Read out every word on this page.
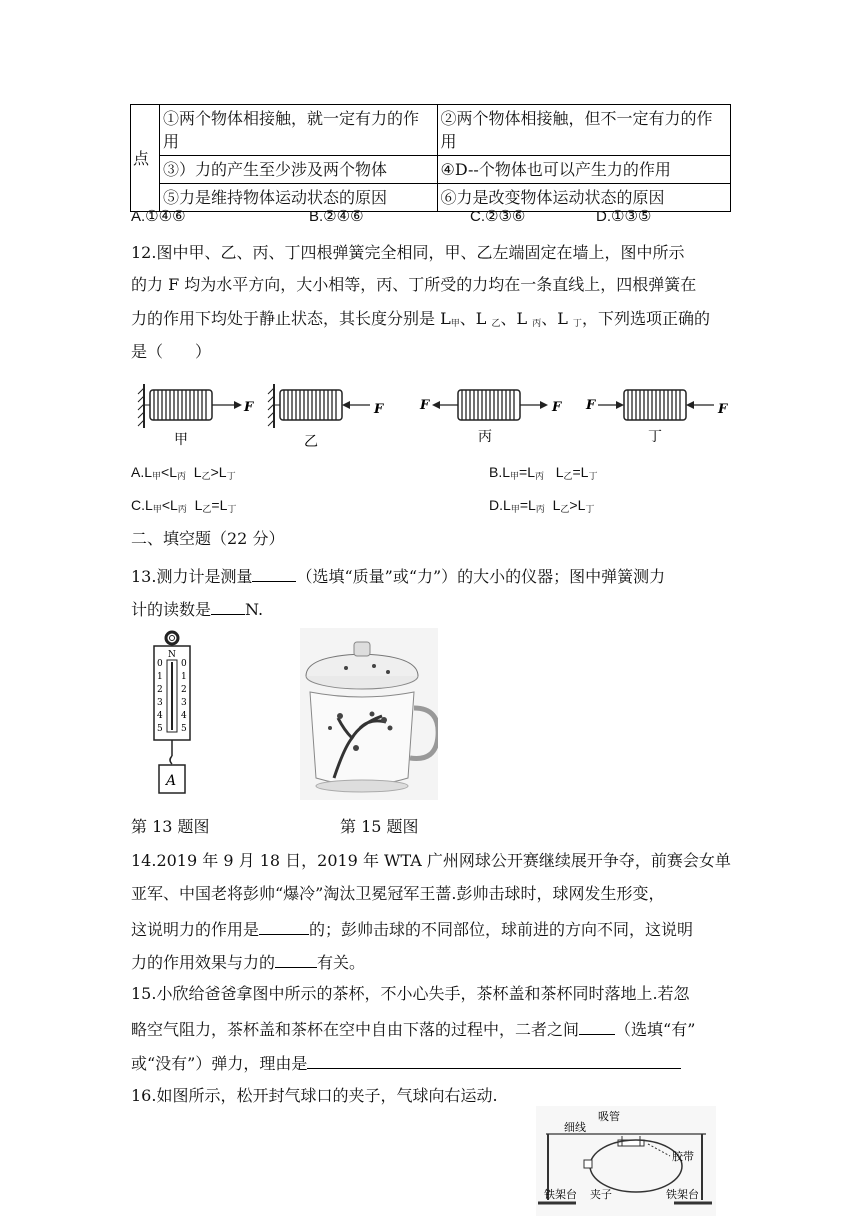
点	①两个物体相接触，就一定有力的作用	②两个物体相接触，但不一定有力的作用
	③）力的产生至少涉及两个物体	④D--个物体也可以产生力的作用
	⑤力是维持物体运动状态的原因	⑥力是改变物体运动状态的原因
A.①④⑥	B.②④⑥	C.②③⑥	D.①③⑤
12.图中甲、乙、丙、丁四根弹簧完全相同，甲、乙左端固定在墙上，图中所示
的力 F 均为水平方向，大小相等，丙、丁所受的力均在一条直线上，四根弹簧在
力的作用下均处于静止状态，其长度分别是 $L_甲$、L $_乙$、L $_丙$、L $_丁$，下列选项正确的
是（　　）
F	F	F	F F	F
甲	乙	丙	丁
$A.L_甲<L_丙$ $L_乙>L_丁$	$B.L_甲=L_丙$ $L_乙=L_丁$
$C.L_甲<L_丙$ $L_乙=L_丁$	$D.L_甲=L_丙$ $L_乙>L_丁$
二、填空题（22 分）
13.测力计是测量	（选填“质量”或“力”）的大小的仪器；图中弹簧测力
计的读数是 N.
N
0
1
2
3
4
5
0
1
2
3
4
5
A
第 13 题图	第 15 题图
14.2019 年 9 月 18 日，2019 年 WTA 广州网球公开赛继续展开争夺，前赛会女单
亚军、中国老将彭帅“爆冷”淘汰卫冕冠军王蔷.彭帅击球时，球网发生形变，
这说明力的作用是	的；彭帅击球的不同部位，球前进的方向不同，这说明
力的作用效果与力的	有关。
15.小欣给爸爸拿图中所示的茶杯，不小心失手，茶杯盖和茶杯同时落地上.若忽
略空气阻力，茶杯盖和茶杯在空中自由下落的过程中，二者之间 （选填“有”
或“没有”）弹力，理由是
16.如图所示，松开封气球口的夹子，气球向右运动.
吸管
细线
胶带
夹子
铁架台	铁架台
